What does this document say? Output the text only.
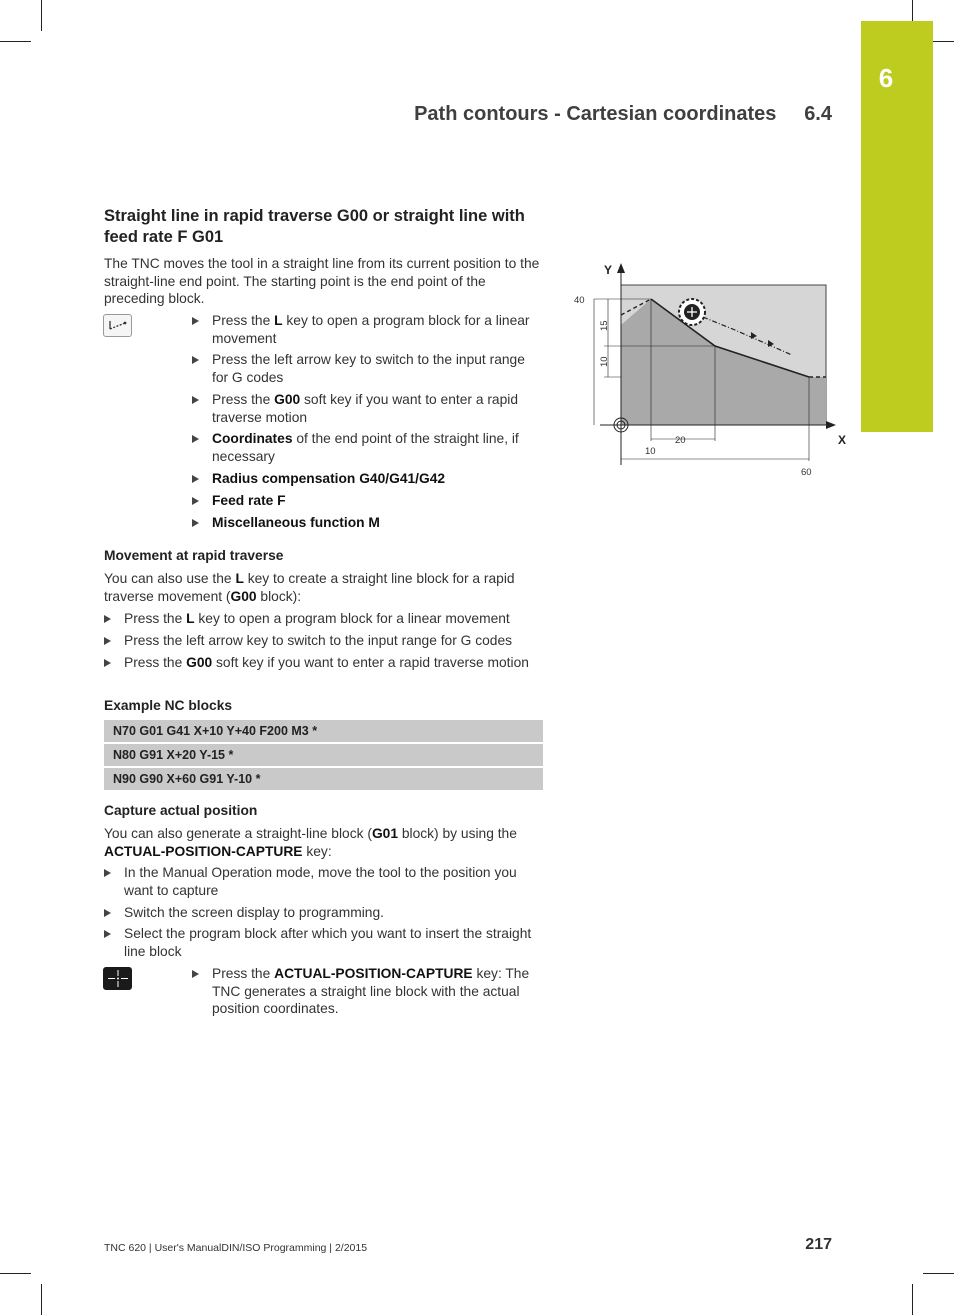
6
Path contours - Cartesian coordinates 6.4
Straight line in rapid traverse G00 or straight line with feed rate F G01
The TNC moves the tool in a straight line from its current position to the straight-line end point. The starting point is the end point of the preceding block.
Press the L key to open a program block for a linear movement
Press the left arrow key to switch to the input range for G codes
Press the G00 soft key if you want to enter a rapid traverse motion
Coordinates of the end point of the straight line, if necessary
Radius compensation G40/G41/G42
Feed rate F
Miscellaneous function M
Movement at rapid traverse
You can also use the L key to create a straight line block for a rapid traverse movement (G00 block):
Press the L key to open a program block for a linear movement
Press the left arrow key to switch to the input range for G codes
Press the G00 soft key if you want to enter a rapid traverse motion
Example NC blocks
N70 G01 G41 X+10 Y+40 F200 M3 *
N80 G91 X+20 Y-15 *
N90 G90 X+60 G91 Y-10 *
Capture actual position
You can also generate a straight-line block (G01 block) by using the ACTUAL-POSITION-CAPTURE key:
In the Manual Operation mode, move the tool to the position you want to capture
Switch the screen display to programming.
Select the program block after which you want to insert the straight line block
Press the ACTUAL-POSITION-CAPTURE key: The TNC generates a straight line block with the actual position coordinates.
Y
X
40
15
10
20
10
60
TNC 620 | User's ManualDIN/ISO Programming | 2/2015	217
